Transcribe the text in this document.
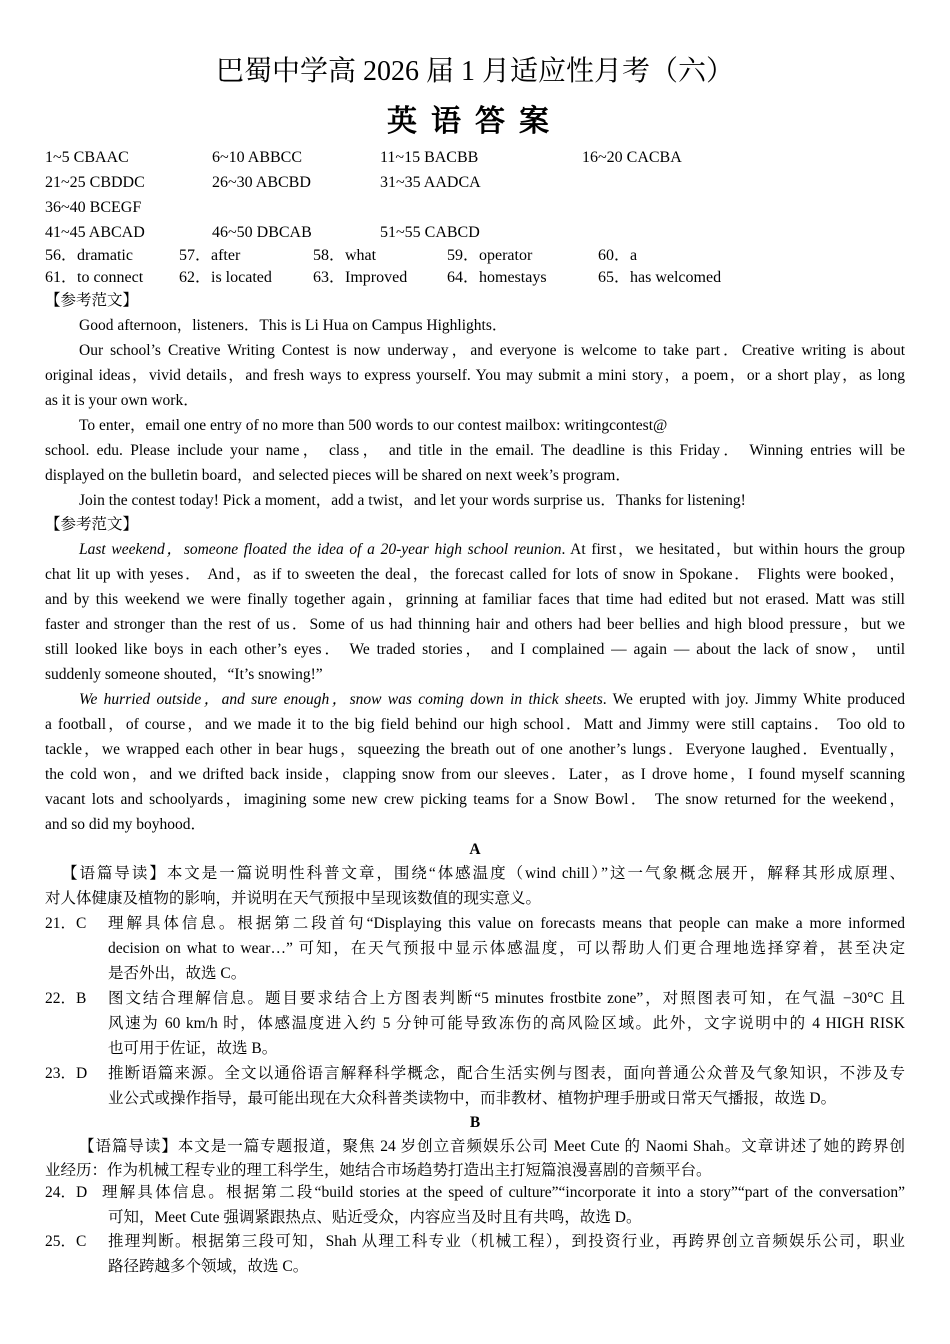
巴蜀中学高 2026 届 1 月适应性月考（六）
英语答案
1~5 CBAAC	6~10 ABBCC	11~15 BACBB	16~20 CACBA
21~25 CBDDC	26~30 ABCBD	31~35 AADCA
36~40 BCEGF
41~45 ABCAD	46~50 DBCAB	51~55 CABCD
56．dramatic	57．after	58．what	59．operator	60．a
61．to connect 62．is located	63．Improved 64．homestays	65．has welcomed
【参考范文】
Good afternoon，listeners．This is Li Hua on Campus Highlights．
Our school’s Creative Writing Contest is now underway，and everyone is welcome to take part．Creative writing is about
original ideas，vivid details，and fresh ways to express yourself. You may submit a mini story，a poem，or a short play，as long
as it is your own work．
To enter，email one entry of no more than 500 words to our contest mailbox: writingcontest@
school. edu. Please include your name， class， and title in the email. The deadline is this Friday． Winning entries will be
displayed on the bulletin board，and selected pieces will be shared on next week’s program．
Join the contest today! Pick a moment，add a twist，and let your words surprise us．Thanks for listening!
【参考范文】
Last weekend，someone floated the idea of a 20-year high school reunion. At first，we hesitated，but within hours the group
chat lit up with yeses． And，as if to sweeten the deal，the forecast called for lots of snow in Spokane． Flights were booked，
and by this weekend we were finally together again，grinning at familiar faces that time had edited but not erased. Matt was still
faster and stronger than the rest of us．Some of us had thinning hair and others had beer bellies and high blood pressure，but we
still looked like boys in each other’s eyes． We traded stories， and I complained — again — about the lack of snow， until
suddenly someone shouted，“It’s snowing!”
We hurried outside，and sure enough，snow was coming down in thick sheets. We erupted with joy. Jimmy White produced
a football，of course，and we made it to the big field behind our high school．Matt and Jimmy were still captains． Too old to
tackle，we wrapped each other in bear hugs，squeezing the breath out of one another’s lungs．Everyone laughed．Eventually，
the cold won，and we drifted back inside，clapping snow from our sleeves．Later，as I drove home，I found myself scanning
vacant lots and schoolyards，imagining some new crew picking teams for a Snow Bowl． The snow returned for the weekend，
and so did my boyhood．
A
【语篇导读】本文是一篇说明性科普文章，围绕“体感温度（wind chill）”这一气象概念展开，解释其形成原理、
对人体健康及植物的影响，并说明在天气预报中呈现该数值的现实意义。
21．C 理解具体信息。根据第二段首句“Displaying this value on forecasts means that people can make a more informed
decision on what to wear…” 可知，在天气预报中显示体感温度，可以帮助人们更合理地选择穿着，甚至决定
是否外出，故选 C。
22．B 图文结合理解信息。题目要求结合上方图表判断“5 minutes frostbite zone”，对照图表可知，在气温 −30°C 且
风速为 60 km/h 时，体感温度进入约 5 分钟可能导致冻伤的高风险区域。此外，文字说明中的 4 HIGH RISK
也可用于佐证，故选 B。
23．D 推断语篇来源。全文以通俗语言解释科学概念，配合生活实例与图表，面向普通公众普及气象知识，不涉及专
业公式或操作指导，最可能出现在大众科普类读物中，而非教材、植物护理手册或日常天气播报，故选 D。
B
【语篇导读】本文是一篇专题报道，聚焦 24 岁创立音频娱乐公司 Meet Cute 的 Naomi Shah。文章讲述了她的跨界创
业经历：作为机械工程专业的理工科学生，她结合市场趋势打造出主打短篇浪漫喜剧的音频平台。
24．D 理解具体信息。根据第二段“build stories at the speed of culture”“incorporate it into a story”“part of the conversation”
可知，Meet Cute 强调紧跟热点、贴近受众，内容应当及时且有共鸣，故选 D。
25．C 推理判断。根据第三段可知，Shah 从理工科专业（机械工程），到投资行业，再跨界创立音频娱乐公司，职业
路径跨越多个领域，故选 C。
